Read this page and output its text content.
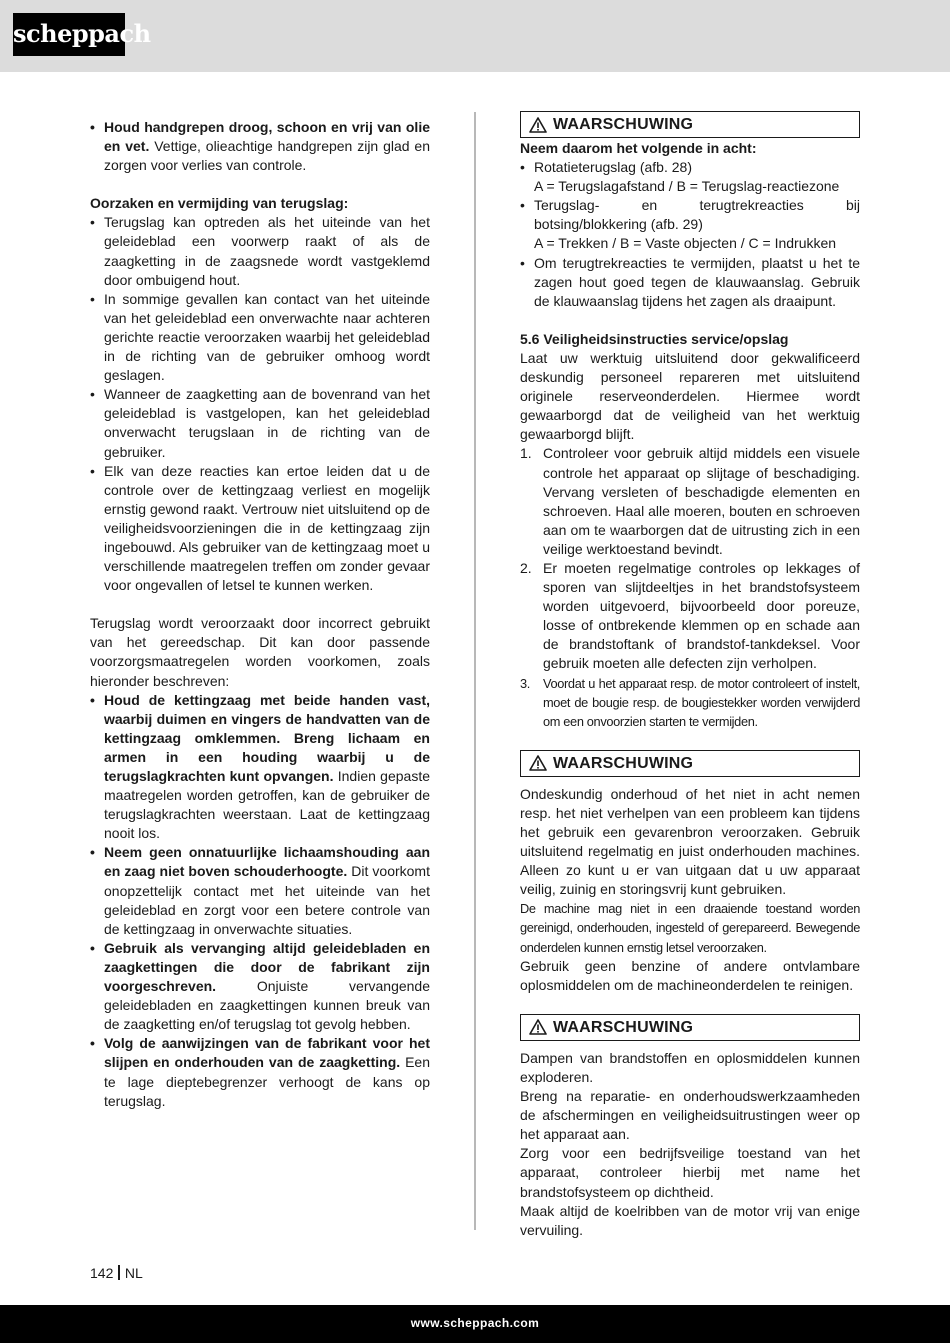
scheppach
• Houd handgrepen droog, schoon en vrij van olie en vet. Vettige, olieachtige handgrepen zijn glad en zorgen voor verlies van controle.
Oorzaken en vermijding van terugslag:
• Terugslag kan optreden als het uiteinde van het geleideblad een voorwerp raakt of als de zaagketting in de zaagsnede wordt vastgeklemd door ombuigend hout.
• In sommige gevallen kan contact van het uiteinde van het geleideblad een onverwachte naar achteren gerichte reactie veroorzaken waarbij het geleideblad in de richting van de gebruiker omhoog wordt geslagen.
• Wanneer de zaagketting aan de bovenrand van het geleideblad is vastgelopen, kan het geleideblad onverwacht terugslaan in de richting van de gebruiker.
• Elk van deze reacties kan ertoe leiden dat u de controle over de kettingzaag verliest en mogelijk ernstig gewond raakt. Vertrouw niet uitsluitend op de veiligheidsvoorzieningen die in de kettingzaag zijn ingebouwd. Als gebruiker van de kettingzaag moet u verschillende maatregelen treffen om zonder gevaar voor ongevallen of letsel te kunnen werken.

Terugslag wordt veroorzaakt door incorrect gebruikt van het gereedschap. Dit kan door passende voorzorgsmaatregelen worden voorkomen, zoals hieronder beschreven:

• Houd de kettingzaag met beide handen vast, waarbij duimen en vingers de handvatten van de kettingzaag omklemmen. Breng lichaam en armen in een houding waarbij u de terugslagkrachten kunt opvangen. Indien gepaste maatregelen worden getroffen, kan de gebruiker de terugslagkrachten weerstaan. Laat de kettingzaag nooit los.
• Neem geen onnatuurlijke lichaamshouding aan en zaag niet boven schouderhoogte. Dit voorkomt onopzettelijk contact met het uiteinde van het geleideblad en zorgt voor een betere controle van de kettingzaag in onverwachte situaties.
• Gebruik als vervanging altijd geleidebladen en zaagkettingen die door de fabrikant zijn voorgeschreven. Onjuiste vervangende geleidebladen en zaagkettingen kunnen breuk van de zaagketting en/of terugslag tot gevolg hebben.
• Volg de aanwijzingen van de fabrikant voor het slijpen en onderhouden van de zaagketting. Een te lage dieptebegrenzer verhoogt de kans op terugslag.
WAARSCHUWING
Neem daarom het volgende in acht:
• Rotatieterugslag (afb. 28)
A = Terugslagafstand / B = Terugslag-reactiezone
• Terugslag- en terugtrekreacties bij botsing/blokkering (afb. 29)
A = Trekken / B = Vaste objecten / C = Indrukken
• Om terugtrekreacties te vermijden, plaatst u het te zagen hout goed tegen de klauwaanslag. Gebruik de klauwaanslag tijdens het zagen als draaipunt.
5.6 Veiligheidsinstructies service/opslag

Laat uw werktuig uitsluitend door gekwalificeerd deskundig personeel repareren met uitsluitend originele reserveonderdelen. Hiermee wordt gewaarborgd dat de veiligheid van het werktuig gewaarborgd blijft.

1. Controleer voor gebruik altijd middels een visuele controle het apparaat op slijtage of beschadiging. Vervang versleten of beschadigde elementen en schroeven. Haal alle moeren, bouten en schroeven aan om te waarborgen dat de uitrusting zich in een veilige werktoestand bevindt.
2. Er moeten regelmatige controles op lekkages of sporen van slijtdeeltjes in het brandstofsysteem worden uitgevoerd, bijvoorbeeld door poreuze, losse of ontbrekende klemmen op en schade aan de brandstoftank of brandstof-tankdeksel. Voor gebruik moeten alle defecten zijn verholpen.
3. Voordat u het apparaat resp. de motor controleert of instelt, moet de bougie resp. de bougiestekker worden verwijderd om een onvoorzien starten te vermijden.
WAARSCHUWING

Ondeskundig onderhoud of het niet in acht nemen resp. het niet verhelpen van een probleem kan tijdens het gebruik een gevarenbron veroorzaken. Gebruik uitsluitend regelmatig en juist onderhouden machines. Alleen zo kunt u er van uitgaan dat u uw apparaat veilig, zuinig en storingsvrij kunt gebruiken.

De machine mag niet in een draaiende toestand worden gereinigd, onderhouden, ingesteld of gerepareerd. Bewegende onderdelen kunnen ernstig letsel veroorzaken.

Gebruik geen benzine of andere ontvlambare oplosmiddelen om de machineonderdelen te reinigen.

WAARSCHUWING

Dampen van brandstoffen en oplosmiddelen kunnen exploderen.

Breng na reparatie- en onderhoudswerkzaamheden de afschermingen en veiligheidsuitrustingen weer op het apparaat aan.

Zorg voor een bedrijfsveilige toestand van het apparaat, controleer hierbij met name het brandstofsysteem op dichtheid.

Maak altijd de koelribben van de motor vrij van enige vervuiling.

142 NL
www.scheppach.com
